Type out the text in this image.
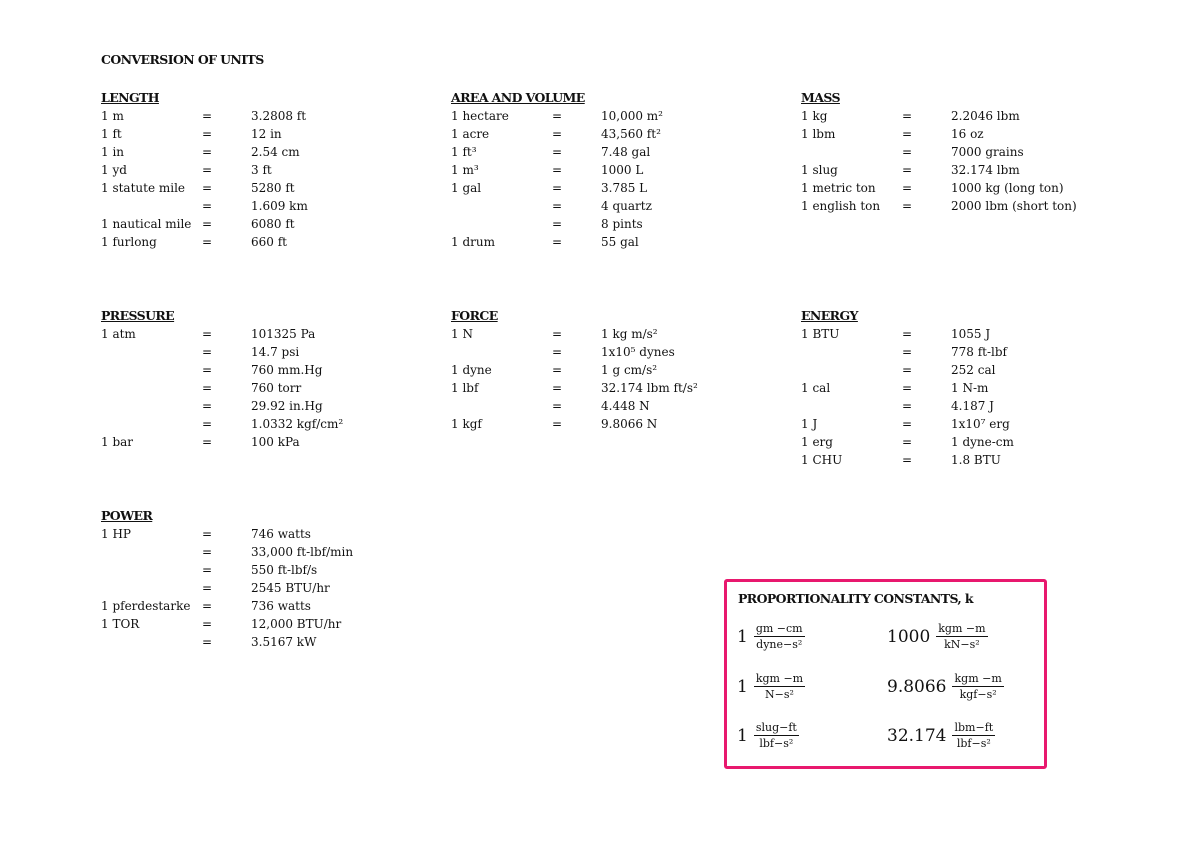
CONVERSION OF UNITS
LENGTH
1 m	=	3.2808 ft
1 ft	=	12 in
1 in	=	2.54 cm
1 yd	=	3 ft
1 statute mile =	5280 ft
=	1.609 km
1 nautical mile =	6080 ft
1 furlong	=	660 ft
AREA AND VOLUME
1 hectare	=	10,000 m²
1 acre	=	43,560 ft²
1 ft³	=	7.48 gal
1 m³	=	1000 L
1 gal	=	3.785 L
=	4 quartz
=	8 pints
1 drum	=	55 gal
MASS
1 kg	=	2.2046 lbm
1 lbm	=	16 oz
=	7000 grains
1 slug	=	32.174 lbm
1 metric ton =	1000 kg (long ton)
1 english ton =	2000 lbm (short ton)
PRESSURE
1 atm	=	101325 Pa
=	14.7 psi
=	760 mm.Hg
=	760 torr
=	29.92 in.Hg
=	1.0332 kgf/cm²
1 bar	=	100 kPa
FORCE
1 N	=	1 kg m/s²
=	1x10⁵ dynes
1 dyne	=	1 g cm/s²
1 lbf	=	32.174 lbm ft/s²
=	4.448 N
1 kgf	=	9.8066 N
ENERGY
1 BTU	=	1055 J
=	778 ft-lbf
=	252 cal
1 cal	=	1 N-m
=	4.187 J
1 J	=	1x10⁷ erg
1 erg	=	1 dyne-cm
1 CHU	=	1.8 BTU
POWER
1 HP	=	746 watts
=	33,000 ft-lbf/min
=	550 ft-lbf/s
=	2545 BTU/hr
1 pferdestarke =	736 watts
1 TOR	=	12,000 BTU/hr
=	3.5167 kW
PROPORTIONALITY CONSTANTS, k
$1 \frac{gm -cm}{\text{dyne−s²}}$	$1000 \frac{\text{kgm −m}}{\text{kN−s²}}$
$1 \frac{\text{kgm −m}}{\text{N−s²}}$	$9.8066 \frac{\text{kgm −m}}{\text{kgf−s²}}$
$1 \frac{\text{slug−ft}}{\text{lbf−s²}}$	$32.174 \frac{\text{lbm−ft}}{\text{lbf−s²}}$
